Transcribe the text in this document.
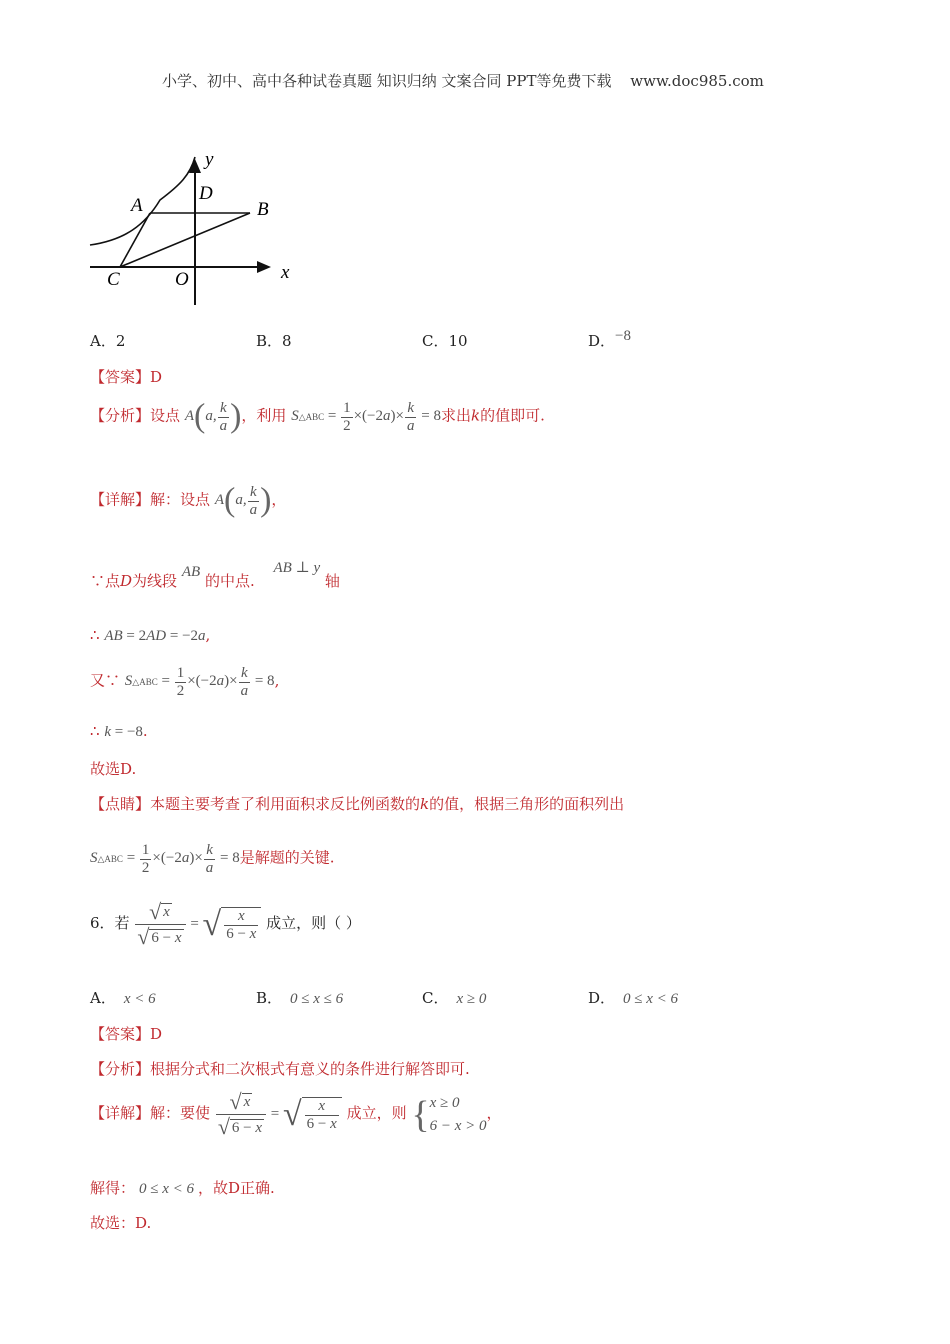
小学、初中、高中各种试卷真题 知识归纳 文案合同 PPT等免费下载 www.doc985.com
y
D
A	B
C	O	x
A．2	B．8	C．10	D．−8
【答案】D
【分析】设点 A(a, $\frac{k}{a}$ )，利用 S△ABC = $\frac{1}{2} \times(-2a)\times \frac{k}{a} = 8$求出k的值即可.
【详解】解：设点 A(a, $\frac{k}{a}$ )，
∵点D为线段 AB 的中点. AB ⊥ y 轴
∴ AB = 2AD = −2a,
又∵ S△ABC = $\frac{1}{2} \times(-2a)\times \frac{k}{a} = 8$,
∴ k = −8.
故选D.
【点睛】本题主要考查了利用面积求反比例函数的k的值，根据三角形的面积列出
S△ABC = $\frac{1}{2} \times(-2a)\times \frac{k}{a} = 8$是解题的关键.
6．若 $\frac{√ x}{√ 6 - x}$ = √ $\frac{x}{6 - x}$ 成立，则（ ）
A． x < 6	B． 0 ≤ x ≤ 6	C． x ≥ 0	D． 0 ≤ x < 6
【答案】D
【分析】根据分式和二次根式有意义的条件进行解答即可.
【详解】解：要使 $\frac{√ x}{√ 6 - x}$ = √ $\frac{x}{6 - x}$ 成立，则 { x ≥ 0
6 − x > 0
，
解得： 0 ≤ x < 6 ，故D正确.
故选：D.
